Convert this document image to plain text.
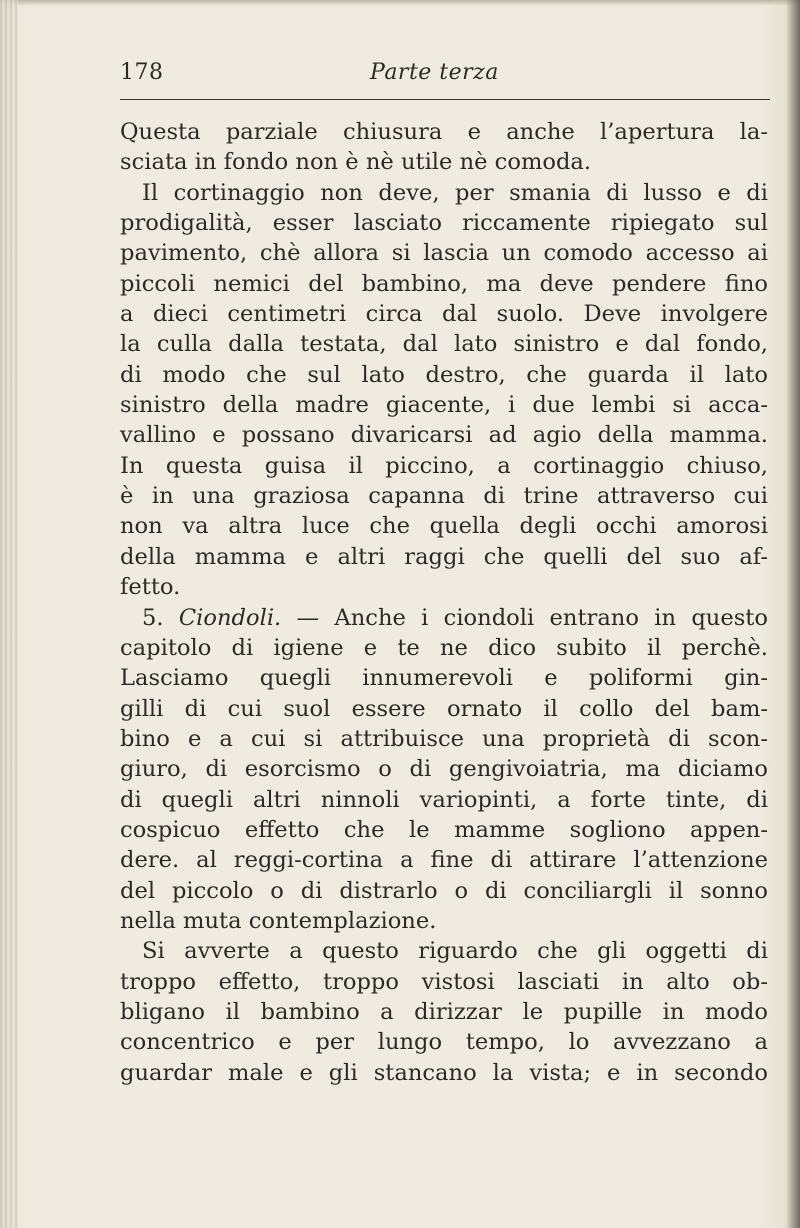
178	Parte terza
Questa parziale chiusura e anche l’apertura la-
sciata in fondo non è nè utile nè comoda.
Il cortinaggio non deve, per smania di lusso e di
prodigalità, esser lasciato riccamente ripiegato sul
pavimento, chè allora si lascia un comodo accesso ai
piccoli nemici del bambino, ma deve pendere fino
a dieci centimetri circa dal suolo. Deve involgere
la culla dalla testata, dal lato sinistro e dal fondo,
di modo che sul lato destro, che guarda il lato
sinistro della madre giacente, i due lembi si acca-
vallino e possano divaricarsi ad agio della mamma.
In questa guisa il piccino, a cortinaggio chiuso,
è in una graziosa capanna di trine attraverso cui
non va altra luce che quella degli occhi amorosi
della mamma e altri raggi che quelli del suo af-
fetto.
5. Ciondoli. — Anche i ciondoli entrano in questo
capitolo di igiene e te ne dico subito il perchè.
Lasciamo quegli innumerevoli e poliformi gin-
gilli di cui suol essere ornato il collo del bam-
bino e a cui si attribuisce una proprietà di scon-
giuro, di esorcismo o di gengivoiatria, ma diciamo
di quegli altri ninnoli variopinti, a forte tinte, di
cospicuo effetto che le mamme sogliono appen-
dere. al reggi-cortina a fine di attirare l’attenzione
del piccolo o di distrarlo o di conciliargli il sonno
nella muta contemplazione.
Si avverte a questo riguardo che gli oggetti di
troppo effetto, troppo vistosi lasciati in alto ob-
bligano il bambino a dirizzar le pupille in modo
concentrico e per lungo tempo, lo avvezzano a
guardar male e gli stancano la vista; e in secondo
